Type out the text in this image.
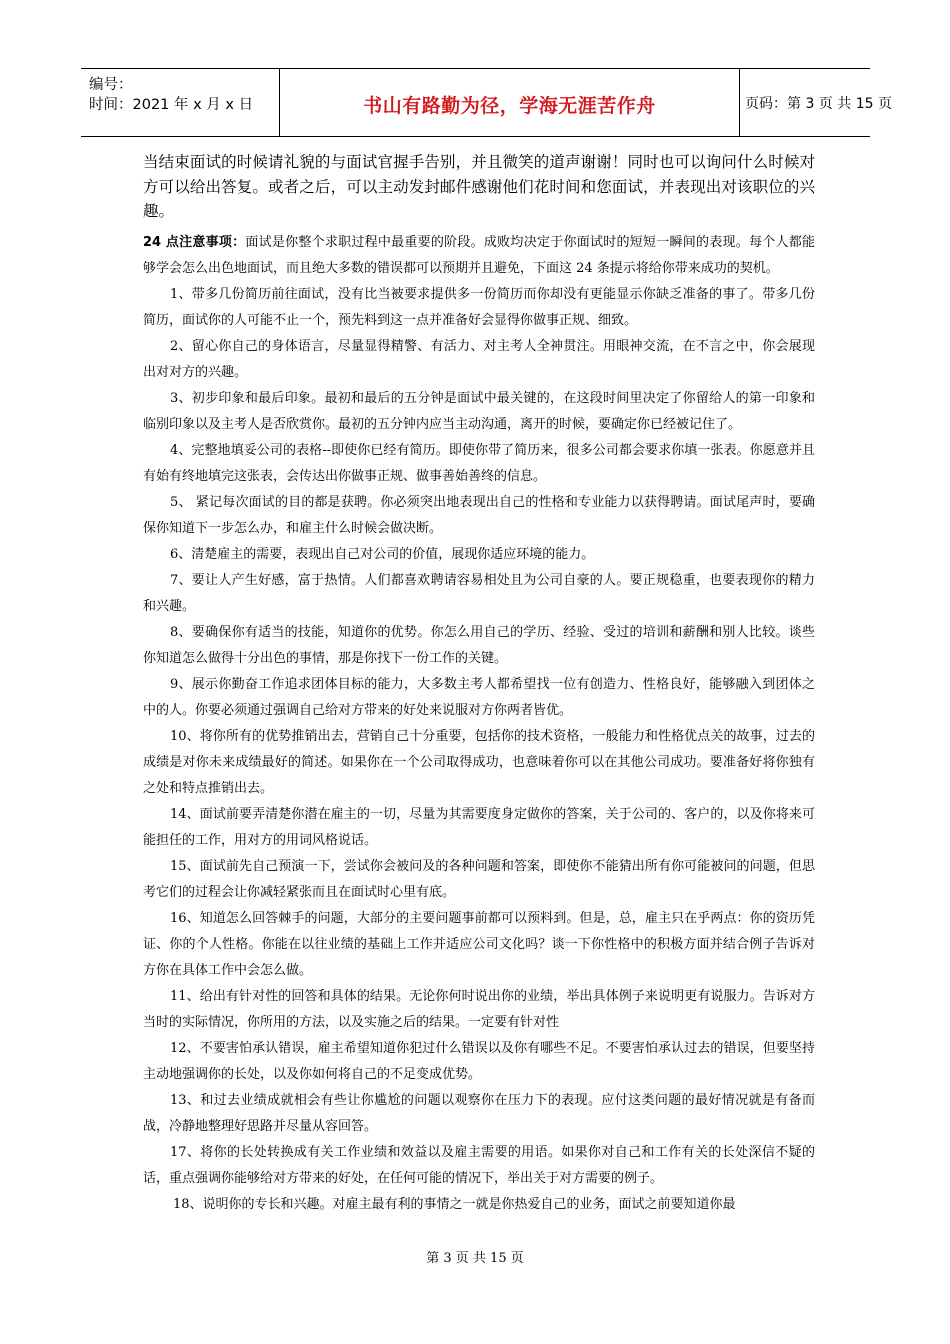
编号：
时间：2021 年 x 月 x 日	书山有路勤为径，学海无涯苦作舟	页码：第 3 页 共 15 页

当结束面试的时候请礼貌的与面试官握手告别，并且微笑的道声谢谢！同时也可以询问什么时候对方可以给出答复。或者之后，可以主动发封邮件感谢他们花时间和您面试，并表现出对该职位的兴趣。

24 点注意事项：面试是你整个求职过程中最重要的阶段。成败均决定于你面试时的短短一瞬间的表现。每个人都能够学会怎么出色地面试，而且绝大多数的错误都可以预期并且避免，下面这 24 条提示将给你带来成功的契机。

1、带多几份简历前往面试，没有比当被要求提供多一份简历而你却没有更能显示你缺乏准备的事了。带多几份简历，面试你的人可能不止一个，预先料到这一点并准备好会显得你做事正规、细致。

2、留心你自己的身体语言，尽量显得精警、有活力、对主考人全神贯注。用眼神交流，在不言之中，你会展现出对对方的兴趣。

3、初步印象和最后印象。最初和最后的五分钟是面试中最关键的，在这段时间里决定了你留给人的第一印象和临别印象以及主考人是否欣赏你。最初的五分钟内应当主动沟通，离开的时候，要确定你已经被记住了。

4、完整地填妥公司的表格--即使你已经有简历。即使你带了简历来，很多公司都会要求你填一张表。你愿意并且有始有终地填完这张表，会传达出你做事正规、做事善始善终的信息。

5、 紧记每次面试的目的都是获聘。你必须突出地表现出自己的性格和专业能力以获得聘请。面试尾声时，要确保你知道下一步怎么办，和雇主什么时候会做决断。

6、清楚雇主的需要，表现出自己对公司的价值，展现你适应环境的能力。

7、要让人产生好感，富于热情。人们都喜欢聘请容易相处且为公司自豪的人。要正规稳重，也要表现你的精力和兴趣。

8、要确保你有适当的技能，知道你的优势。你怎么用自己的学历、经验、受过的培训和薪酬和别人比较。谈些你知道怎么做得十分出色的事情，那是你找下一份工作的关键。

9、展示你勤奋工作追求团体目标的能力，大多数主考人都希望找一位有创造力、性格良好，能够融入到团体之中的人。你要必须通过强调自己给对方带来的好处来说服对方你两者皆优。

10、将你所有的优势推销出去，营销自己十分重要，包括你的技术资格，一般能力和性格优点关的故事，过去的成绩是对你未来成绩最好的简述。如果你在一个公司取得成功，也意味着你可以在其他公司成功。要准备好将你独有之处和特点推销出去。

14、面试前要弄清楚你潜在雇主的一切，尽量为其需要度身定做你的答案，关于公司的、客户的，以及你将来可能担任的工作，用对方的用词风格说话。

15、面试前先自己预演一下，尝试你会被问及的各种问题和答案，即使你不能猜出所有你可能被问的问题，但思考它们的过程会让你减轻紧张而且在面试时心里有底。

16、知道怎么回答棘手的问题，大部分的主要问题事前都可以预料到。但是，总，雇主只在乎两点：你的资历凭证、你的个人性格。你能在以往业绩的基础上工作并适应公司文化吗？谈一下你性格中的积极方面并结合例子告诉对方你在具体工作中会怎么做。

11、给出有针对性的回答和具体的结果。无论你何时说出你的业绩，举出具体例子来说明更有说服力。告诉对方当时的实际情况，你所用的方法，以及实施之后的结果。一定要有针对性

12、不要害怕承认错误，雇主希望知道你犯过什么错误以及你有哪些不足。不要害怕承认过去的错误，但要坚持主动地强调你的长处，以及你如何将自己的不足变成优势。

13、和过去业绩成就相会有些让你尴尬的问题以观察你在压力下的表现。应付这类问题的最好情况就是有备而战，冷静地整理好思路并尽量从容回答。

17、将你的长处转换成有关工作业绩和效益以及雇主需要的用语。如果你对自己和工作有关的长处深信不疑的话，重点强调你能够给对方带来的好处，在任何可能的情况下，举出关于对方需要的例子。

18、说明你的专长和兴趣。对雇主最有利的事情之一就是你热爱自己的业务，面试之前要知道你最

第 3 页 共 15 页
